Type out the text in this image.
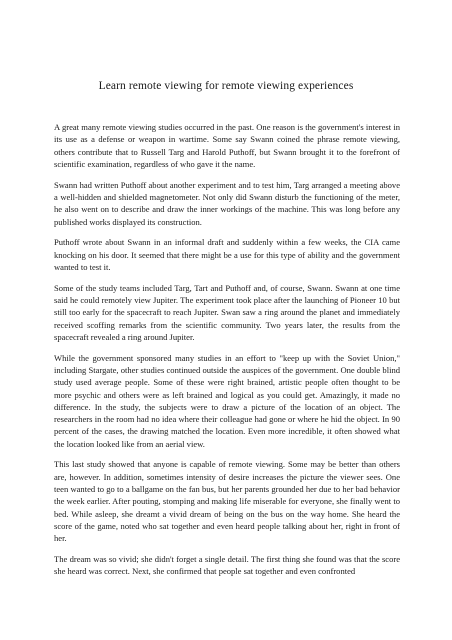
Learn remote viewing for remote viewing experiences

A great many remote viewing studies occurred in the past. One reason is the government's interest in its use as a defense or weapon in wartime. Some say Swann coined the phrase remote viewing, others contribute that to Russell Targ and Harold Puthoff, but Swann brought it to the forefront of scientific examination, regardless of who gave it the name.

Swann had written Puthoff about another experiment and to test him, Targ arranged a meeting above a well-hidden and shielded magnetometer. Not only did Swann disturb the functioning of the meter, he also went on to describe and draw the inner workings of the machine. This was long before any published works displayed its construction.

Puthoff wrote about Swann in an informal draft and suddenly within a few weeks, the CIA came knocking on his door. It seemed that there might be a use for this type of ability and the government wanted to test it.

Some of the study teams included Targ, Tart and Puthoff and, of course, Swann. Swann at one time said he could remotely view Jupiter. The experiment took place after the launching of Pioneer 10 but still too early for the spacecraft to reach Jupiter. Swan saw a ring around the planet and immediately received scoffing remarks from the scientific community. Two years later, the results from the spacecraft revealed a ring around Jupiter.

While the government sponsored many studies in an effort to "keep up with the Soviet Union," including Stargate, other studies continued outside the auspices of the government. One double blind study used average people. Some of these were right brained, artistic people often thought to be more psychic and others were as left brained and logical as you could get. Amazingly, it made no difference. In the study, the subjects were to draw a picture of the location of an object. The researchers in the room had no idea where their colleague had gone or where he hid the object. In 90 percent of the cases, the drawing matched the location. Even more incredible, it often showed what the location looked like from an aerial view.

This last study showed that anyone is capable of remote viewing. Some may be better than others are, however. In addition, sometimes intensity of desire increases the picture the viewer sees. One teen wanted to go to a ballgame on the fan bus, but her parents grounded her due to her bad behavior the week earlier. After pouting, stomping and making life miserable for everyone, she finally went to bed. While asleep, she dreamt a vivid dream of being on the bus on the way home. She heard the score of the game, noted who sat together and even heard people talking about her, right in front of her.

The dream was so vivid; she didn't forget a single detail. The first thing she found was that the score she heard was correct. Next, she confirmed that people sat together and even confronted
